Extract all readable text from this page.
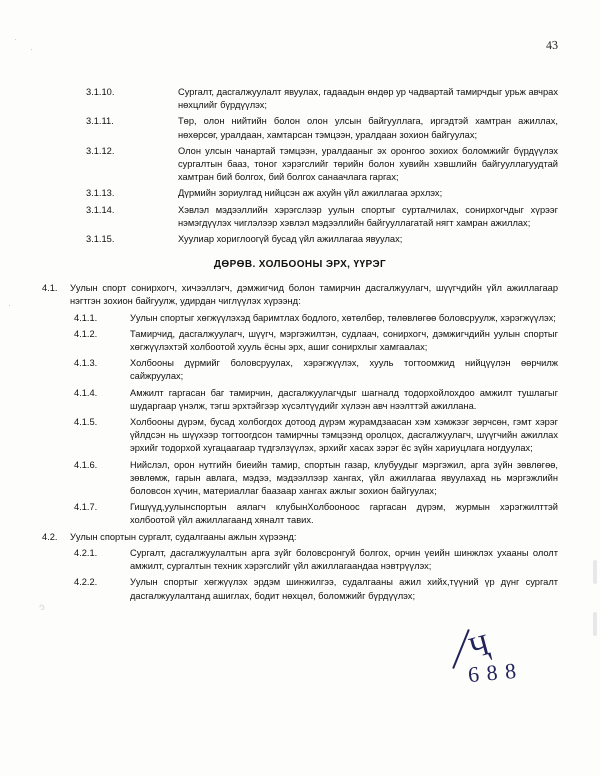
43
·
·
·
ᵓ
3.1.10.	Сургалт, дасгалжуулалт явуулах, гадаадын өндөр ур чадвартай тамирчдыг урьж авчрах нөхцлийг бүрдүүлэх;
3.1.11.	Төр, олон нийтийн болон олон улсын байгууллага, иргэдтэй хамтран ажиллах, нөхөрсөг, уралдаан, хамтарсан тэмцээн, уралдаан зохион байгуулах;
3.1.12.	Олон улсын чанартай тэмцээн, уралдааныг эх оронгоо зохиох боломжийг бүрдүүлэх сургалтын бааз, тоног хэрэгслийг төрийн болон хувийн хэвшлийн байгууллагуудтай хамтран бий болгох, бий болгох санаачлага гаргах;
3.1.13.	Дүрмийн зориулгад нийцсэн аж ахуйн үйл ажиллагаа эрхлэх;
3.1.14.	Хэвлэл мэдээллийн хэрэгслээр уулын спортыг сурталчилах, сонирхогчдыг хүрээг нэмэгдүүлэх чиглэлээр хэвлэл мэдээллийн байгууллагатай нягт хамран ажиллах;
3.1.15.	Хуулиар хориглоогүй бусад үйл ажиллагаа явуулах;
ДӨРӨВ. ХОЛБООНЫ ЭРХ, ҮҮРЭГ
4.1.	Уулын спорт сонирхогч, хичээллэгч, дэмжигчид болон тамирчин дасгалжуулагч, шүүгчдийн үйл ажиллагаар нэгтгэн зохион байгуулж, удирдан чиглүүлэх хүрээнд:
4.1.1.	Уулын спортыг хөгжүүлэхэд баримтлах бодлого, хөтөлбөр, төлөвлөгөө боловсруулж, хэрэгжүүлэх;
4.1.2.	Тамирчид, дасгалжуулагч, шүүгч, мэргэжилтэн, судлаач, сонирхогч, дэмжигчдийн уулын спортыг хөгжүүлэхтэй холбоотой хууль ёсны эрх, ашиг сонирхлыг хамгаалах;
4.1.3.	Холбооны дүрмийг боловсруулах, хэрэгжүүлэх, хууль тогтоомжид нийцүүлэн өөрчилж сайжруулах;
4.1.4.	Амжилт гаргасан баг тамирчин, дасгалжуулагчдыг шагналд тодорхойлохдоо амжилт тушлагыг шударгаар үнэлж, тэгш эрхтэйгээр хүсэлтүүдийг хүлээн авч нээлттэй ажиллана.
4.1.5.	Холбооны дүрэм, бусад холбогдох дотоод дүрэм журамдзаасан хэм хэмжээг зөрчсөн, гэмт хэрэг үйлдсэн нь шүүхээр тогтоогдсон тамирчны тэмцээнд оролцох, дасгалжуулагч, шүүгчийн ажиллах эрхийг тодорхой хугацаагаар түдгэлзүүлэх, эрхийг хасах зэрэг ёс зүйн хариуцлага ногдуулах;
4.1.6.	Нийслэл, орон нутгийн биеийн тамир, спортын газар, клубуудыг мэргэжил, арга зүйн зөвлөгөө, зөвлөмж, гарын авлага, мэдээ, мэдээллээр хангах, үйл ажиллагаа явуулахад нь мэргэжлийн боловсон хүчин, материаллаг баазаар хангах ажлыг зохион байгуулах;
4.1.7.	Гишүүд,уулынспортын аялагч клубынХолбооноос гаргасан дүрэм, журмын хэрэгжилттэй холбоотой үйл ажиллагаанд хяналт тавих.
4.2.	Уулын спортын сургалт, судалгааны ажлын хүрээнд:
4.2.1.	Сургалт, дасгалжуулалтын арга зүйг боловсронгуй болгох, орчин үеийн шинжлэх ухааны ололт амжилт, сургалтын техник хэрэгслийг үйл ажиллагаандаа нэвтрүүлэх;
4.2.2.	Уулын спортыг хөгжүүлэх эрдэм шинжилгээ, судалгааны ажил хийх,түүний үр дүнг сургалт дасгалжуулалтанд ашиглах, бодит нөхцөл, боломжийг бүрдүүлэх;
Ҷ
6 8 8
